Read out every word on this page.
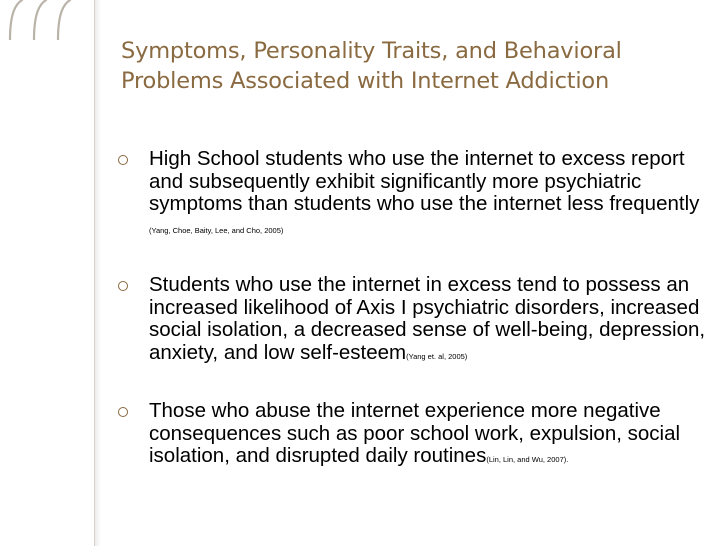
Symptoms, Personality Traits, and Behavioral
Problems Associated with Internet Addiction
High School students who use the internet to excess report and subsequently exhibit significantly more psychiatric symptoms than students who use the internet less frequently (Yang, Choe, Baity, Lee, and Cho, 2005)
Students who use the internet in excess tend to possess an increased likelihood of Axis I psychiatric disorders, increased social isolation, a decreased sense of well-being, depression, anxiety, and low self-esteem(Yang et. al, 2005)
Those who abuse the internet experience more negative consequences such as poor school work, expulsion, social isolation, and disrupted daily routines(Lin, Lin, and Wu, 2007).
